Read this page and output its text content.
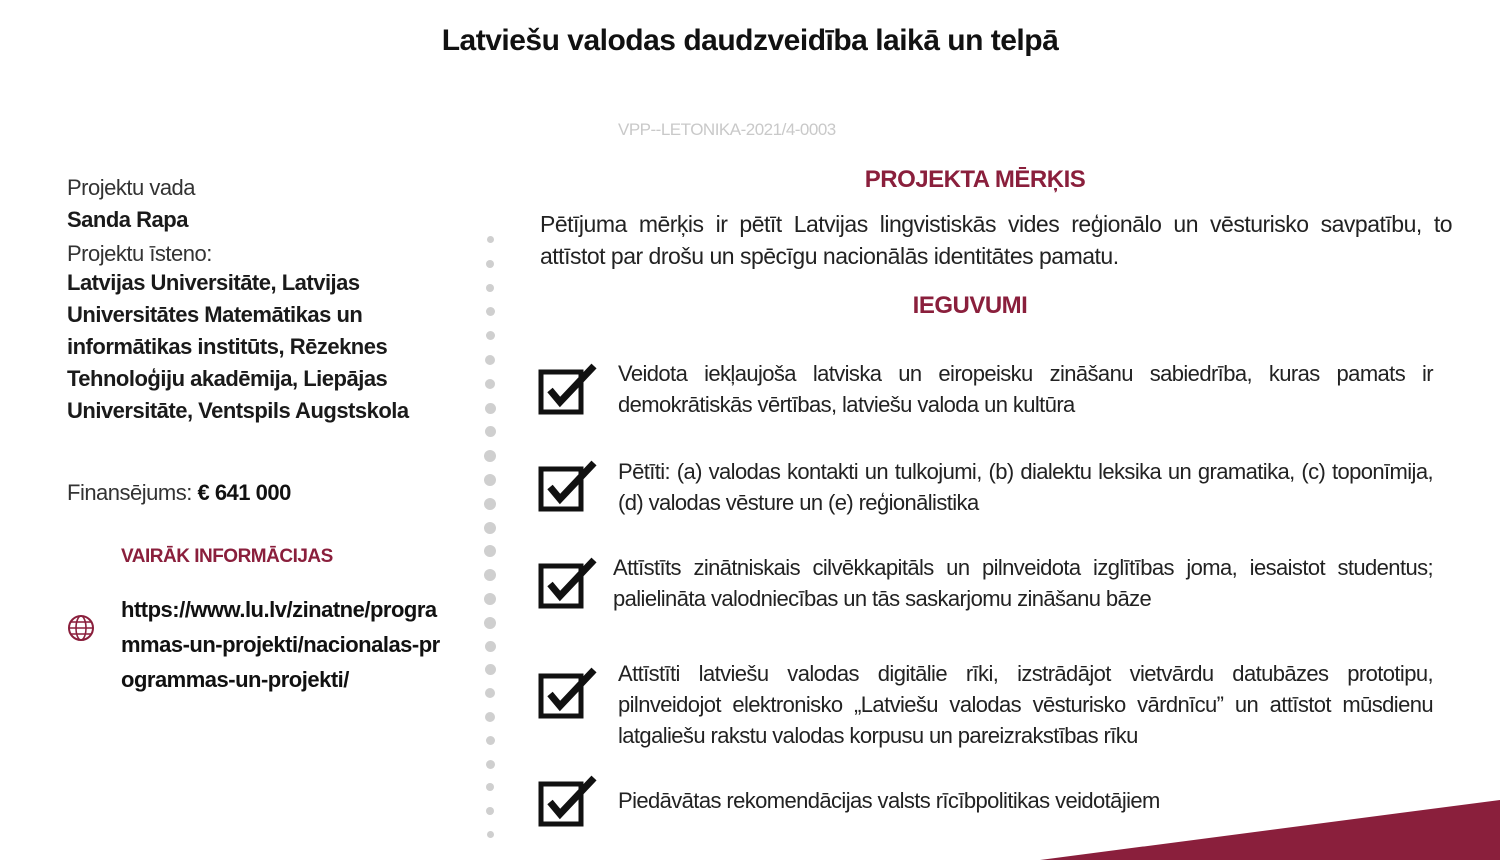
Latviešu valodas daudzveidība laikā un telpā
VPP--LETONIKA-2021/4-0003
Projektu vada
Sanda Rapa
Projektu īsteno:
Latvijas Universitāte, Latvijas Universitātes Matemātikas un informātikas institūts, Rēzeknes Tehnoloģiju akadēmija, Liepājas Universitāte, Ventspils Augstskola
Finansējums: € 641 000
VAIRĀK INFORMĀCIJAS
https://www.lu.lv/zinatne/programmas-un-projekti/nacionalas-programmas-un-projekti/
PROJEKTA MĒRĶIS
Pētījuma mērķis ir pētīt Latvijas lingvistiskās vides reģionālo un vēsturisko savpatību, to attīstot par drošu un spēcīgu nacionālās identitātes pamatu.
IEGUVUMI
Veidota iekļaujoša latviska un eiropeisku zināšanu sabiedrība, kuras pamats ir demokrātiskās vērtības, latviešu valoda un kultūra
Pētīti: (a) valodas kontakti un tulkojumi, (b) dialektu leksika un gramatika, (c) toponīmija, (d) valodas vēsture un (e) reģionālistika
Attīstīts zinātniskais cilvēkkapitāls un pilnveidota izglītības joma, iesaistot studentus; palielināta valodniecības un tās saskarjomu zināšanu bāze
Attīstīti latviešu valodas digitālie rīki, izstrādājot vietvārdu datubāzes prototipu, pilnveidojot elektronisko „Latviešu valodas vēsturisko vārdnīcu” un attīstot mūsdienu latgaliešu rakstu valodas korpusu un pareizrakstības rīku
Piedāvātas rekomendācijas valsts rīcībpolitikas veidotājiem
